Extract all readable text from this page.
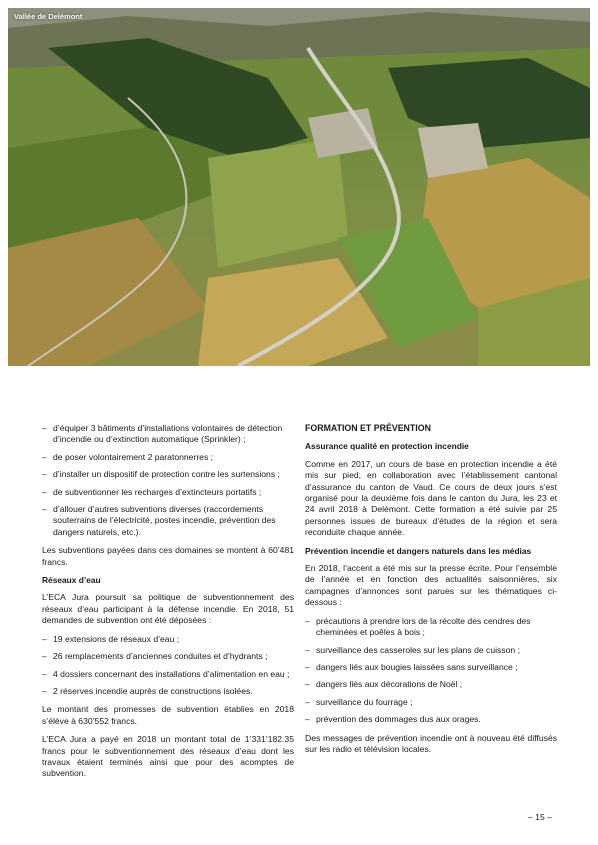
Vallée de Delémont
– d’équiper 3 bâtiments d’installations volontaires de détection d’incendie ou d’extinction automatique (Sprinkler) ;
– de poser volontairement 2 paratonnerres ;
– d’installer un dispositif de protection contre les surtensions ;
– de subventionner les recharges d’extincteurs portatifs ;
– d’allouer d’autres subventions diverses (raccordements souterrains de l’électricité, postes incendie, prévention des dangers naturels, etc.).

Les subventions payées dans ces domaines se montent à 60’481 francs.

Réseaux d’eau

L’ECA Jura poursuit sa politique de subventionnement des réseaux d’eau participant à la défense incendie. En 2018, 51 demandes de subvention ont été déposées :

– 19 extensions de réseaux d’eau ;
– 26 remplacements d’anciennes conduites et d’hydrants ;
– 4 dossiers concernant des installations d’alimentation en eau ;
– 2 réserves incendie auprès de constructions isolées.

Le montant des promesses de subvention établies en 2018 s’élève à 630’552 francs.

L’ECA Jura a payé en 2018 un montant total de 1’331’182.35 francs pour le subventionnement des réseaux d’eau dont les travaux étaient terminés ainsi que pour des acomptes de subvention.

FORMATION ET PRÉVENTION
Assurance qualité en protection incendie

Comme en 2017, un cours de base en protection incendie a été mis sur pied, en collaboration avec l’établissement cantonal d’assurance du canton de Vaud. Ce cours de deux jours s’est organisé pour la deuxième fois dans le canton du Jura, les 23 et 24 avril 2018 à Delémont. Cette formation a été suivie par 25 personnes issues de bureaux d’études de la région et sera reconduite chaque année.

Prévention incendie et dangers naturels dans les médias

En 2018, l’accent a été mis sur la presse écrite. Pour l’ensemble de l’année et en fonction des actualités saisonnières, six campagnes d’annonces sont parues sur les thématiques ci-dessous :

– précautions à prendre lors de la récolte des cendres des cheminées et poêles à bois ;
– surveillance des casseroles sur les plans de cuisson ;
– dangers liés aux bougies laissées sans surveillance ;
– dangers liés aux décorations de Noël ;
– surveillance du fourrage ;
– prévention des dommages dus aux orages.

Des messages de prévention incendie ont à nouveau été diffusés sur les radio et télévision locales.

– 15 –
